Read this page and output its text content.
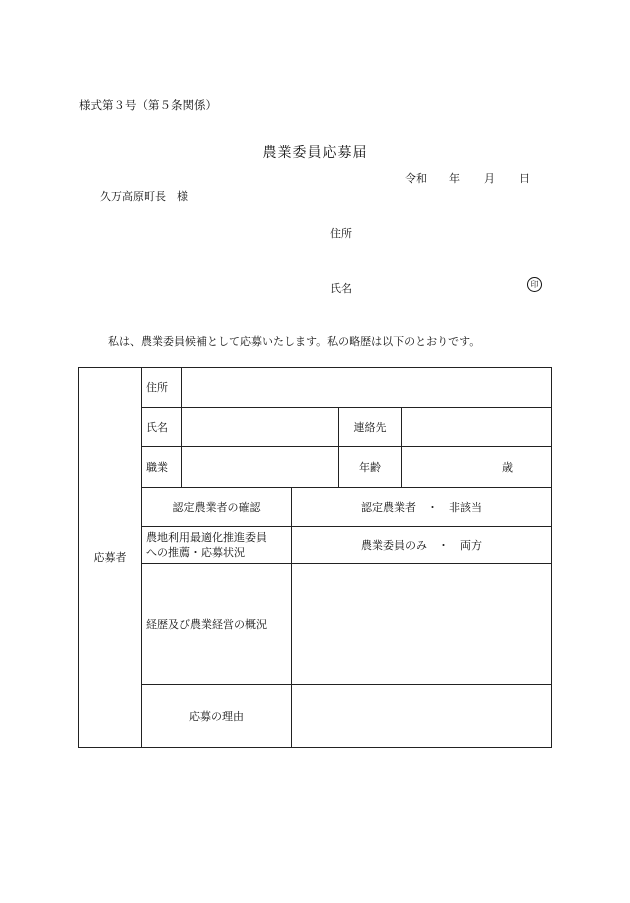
様式第３号（第５条関係）
農業委員応募届
令和 年 月 日
久万高原町長　様
住所
氏名	印
私は、農業委員候補として応募いたします。私の略歴は以下のとおりです。
応募者	住所				
	氏名			連絡先	
	職業			年齢	歳
	認定農業者の確認		認定農業者　・　非該当		

	農地利用最適化推進委員
への推薦・応募状況		農業委員のみ　・　両方		
	経歴及び農業経営の概況				
	応募の理由				
